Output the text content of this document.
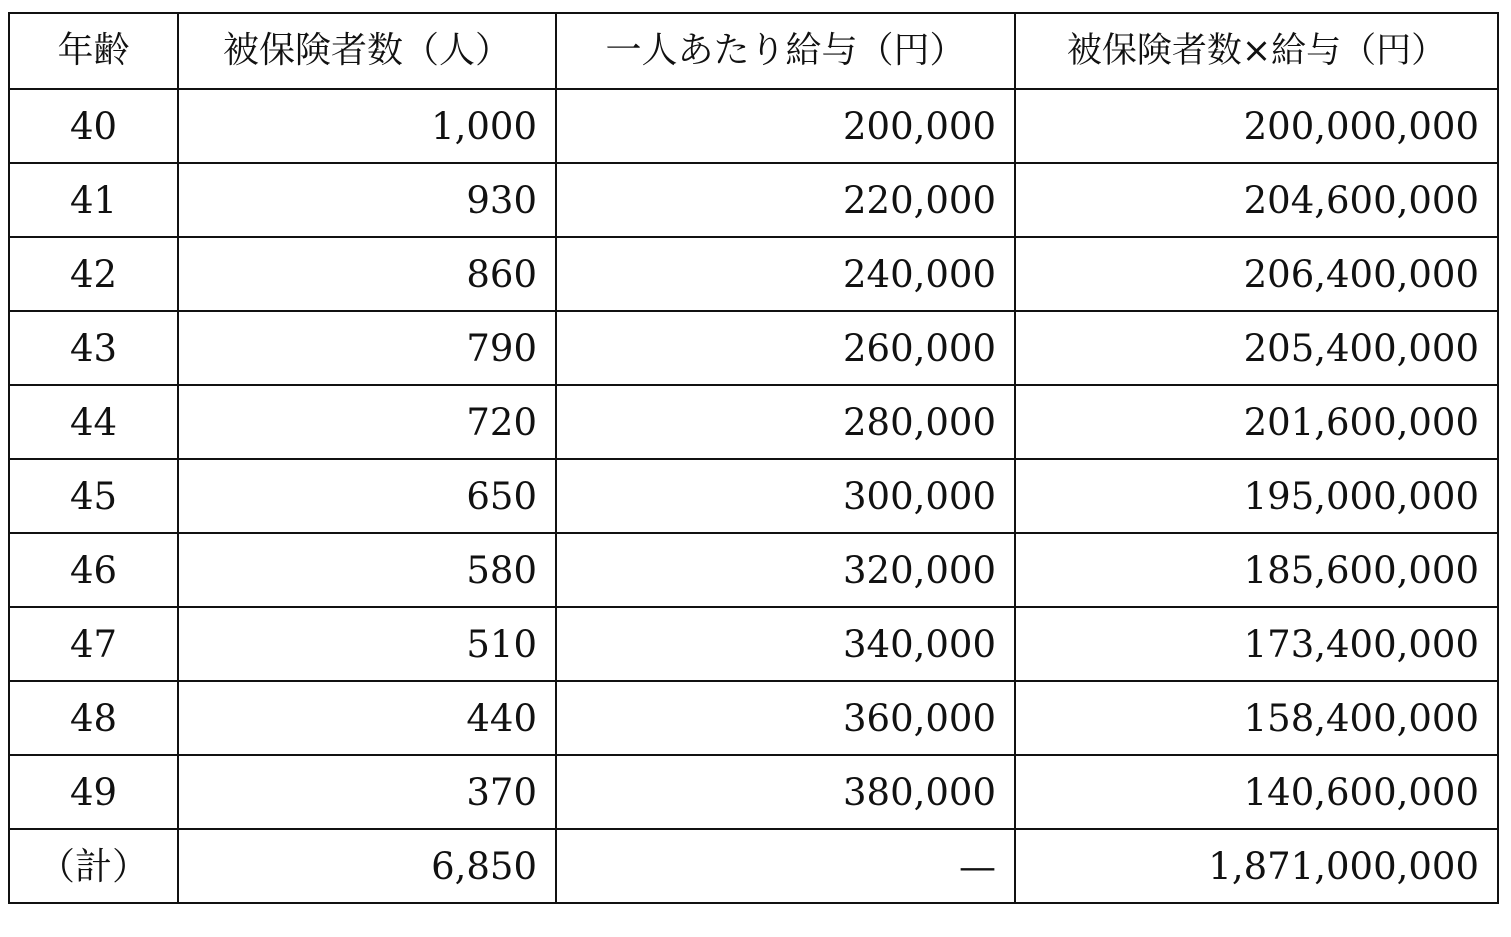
年齢	被保険者数（人）	一人あたり給与（円）	被保険者数×給与（円）
40	1,000	200,000	200,000,000
41	930	220,000	204,600,000
42	860	240,000	206,400,000
43	790	260,000	205,400,000
44	720	280,000	201,600,000
45	650	300,000	195,000,000
46	580	320,000	185,600,000
47	510	340,000	173,400,000
48	440	360,000	158,400,000
49	370	380,000	140,600,000
（計）	6,850	—	1,871,000,000
